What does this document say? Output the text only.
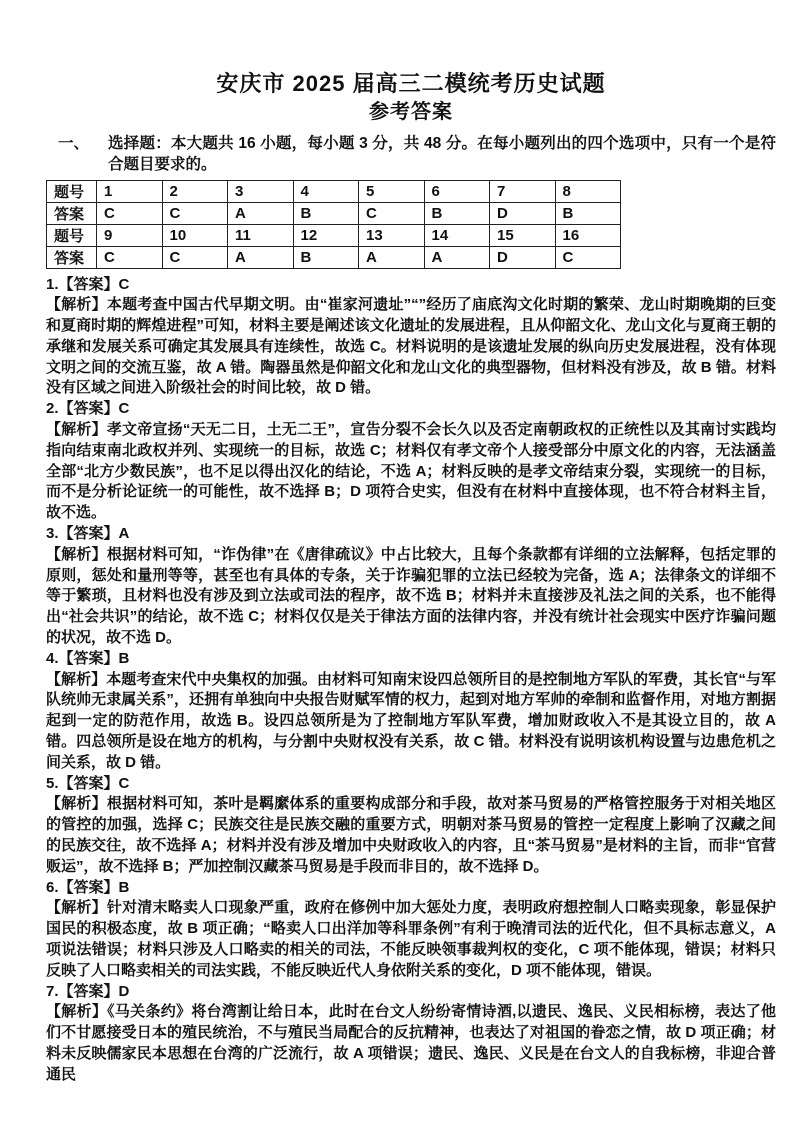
安庆市 2025 届高三二模统考历史试题
参考答案
一、	选择题：本大题共 16 小题，每小题 3 分，共 48 分。在每小题列出的四个选项中，只有一个是符合题目要求的。
题号	1	2	3	4	5	6	7	8
答案	C	C	A	B	C	B	D	B
题号	9	10	11	12	13	14	15	16
答案	C	C	A	B	A	A	D	C

1.【答案】C

【解析】本题考查中国古代早期文明。由“崔家河遗址”“”经历了庙底沟文化时期的繁荣、龙山时期晚期的巨变和夏商时期的辉煌进程”可知，材料主要是阐述该文化遗址的发展进程，且从仰韶文化、龙山文化与夏商王朝的承继和发展关系可确定其发展具有连续性，故选 C。材料说明的是该遗址发展的纵向历史发展进程，没有体现文明之间的交流互鉴，故 A 错。陶器虽然是仰韶文化和龙山文化的典型器物，但材料没有涉及，故 B 错。材料没有区域之间进入阶级社会的时间比较，故 D 错。

2.【答案】C

【解析】孝文帝宣扬“天无二日，土无二王”，宣告分裂不会长久以及否定南朝政权的正统性以及其南讨实践均指向结束南北政权并列、实现统一的目标，故选 C；材料仅有孝文帝个人接受部分中原文化的内容，无法涵盖全部“北方少数民族”，也不足以得出汉化的结论，不选 A；材料反映的是孝文帝结束分裂，实现统一的目标，而不是分析论证统一的可能性，故不选择 B；D 项符合史实，但没有在材料中直接体现，也不符合材料主旨，故不选。

3.【答案】A

【解析】根据材料可知，“诈伪律”在《唐律疏议》中占比较大，且每个条款都有详细的立法解释，包括定罪的原则，惩处和量刑等等，甚至也有具体的专条，关于诈骗犯罪的立法已经较为完备，选 A；法律条文的详细不等于繁琐，且材料也没有涉及到立法或司法的程序，故不选 B；材料并未直接涉及礼法之间的关系，也不能得出“社会共识”的结论，故不选 C；材料仅仅是关于律法方面的法律内容，并没有统计社会现实中医疗诈骗问题的状况，故不选 D。

4.【答案】B

【解析】本题考查宋代中央集权的加强。由材料可知南宋设四总领所目的是控制地方军队的军费，其长官“与军队统帅无隶属关系”，还拥有单独向中央报告财赋军情的权力，起到对地方军帅的牵制和监督作用，对地方割据起到一定的防范作用，故选 B。设四总领所是为了控制地方军队军费，增加财政收入不是其设立目的，故 A 错。四总领所是设在地方的机构，与分割中央财权没有关系，故 C 错。材料没有说明该机构设置与边患危机之间关系，故 D 错。

5.【答案】C

【解析】根据材料可知，茶叶是羁縻体系的重要构成部分和手段，故对茶马贸易的严格管控服务于对相关地区的管控的加强，选择 C；民族交往是民族交融的重要方式，明朝对茶马贸易的管控一定程度上影响了汉藏之间的民族交往，故不选择 A；材料并没有涉及增加中央财政收入的内容，且“茶马贸易”是材料的主旨，而非“官营贩运”，故不选择 B；严加控制汉藏茶马贸易是手段而非目的，故不选择 D。

6.【答案】B

【解析】针对清末略卖人口现象严重，政府在修例中加大惩处力度，表明政府想控制人口略卖现象，彰显保护国民的积极态度，故 B 项正确；“略卖人口出洋加等科罪条例”有利于晚清司法的近代化，但不具标志意义，A 项说法错误；材料只涉及人口略卖的相关的司法，不能反映领事裁判权的变化，C 项不能体现，错误；材料只反映了人口略卖相关的司法实践，不能反映近代人身依附关系的变化，D 项不能体现，错误。

7.【答案】D

【解析】《马关条约》将台湾割让给日本，此时在台文人纷纷寄情诗酒,以遗民、逸民、义民相标榜，表达了他们不甘愿接受日本的殖民统治，不与殖民当局配合的反抗精神，也表达了对祖国的眷恋之情，故 D 项正确；材料未反映儒家民本思想在台湾的广泛流行，故 A 项错误；遗民、逸民、义民是在台文人的自我标榜，非迎合普通民
